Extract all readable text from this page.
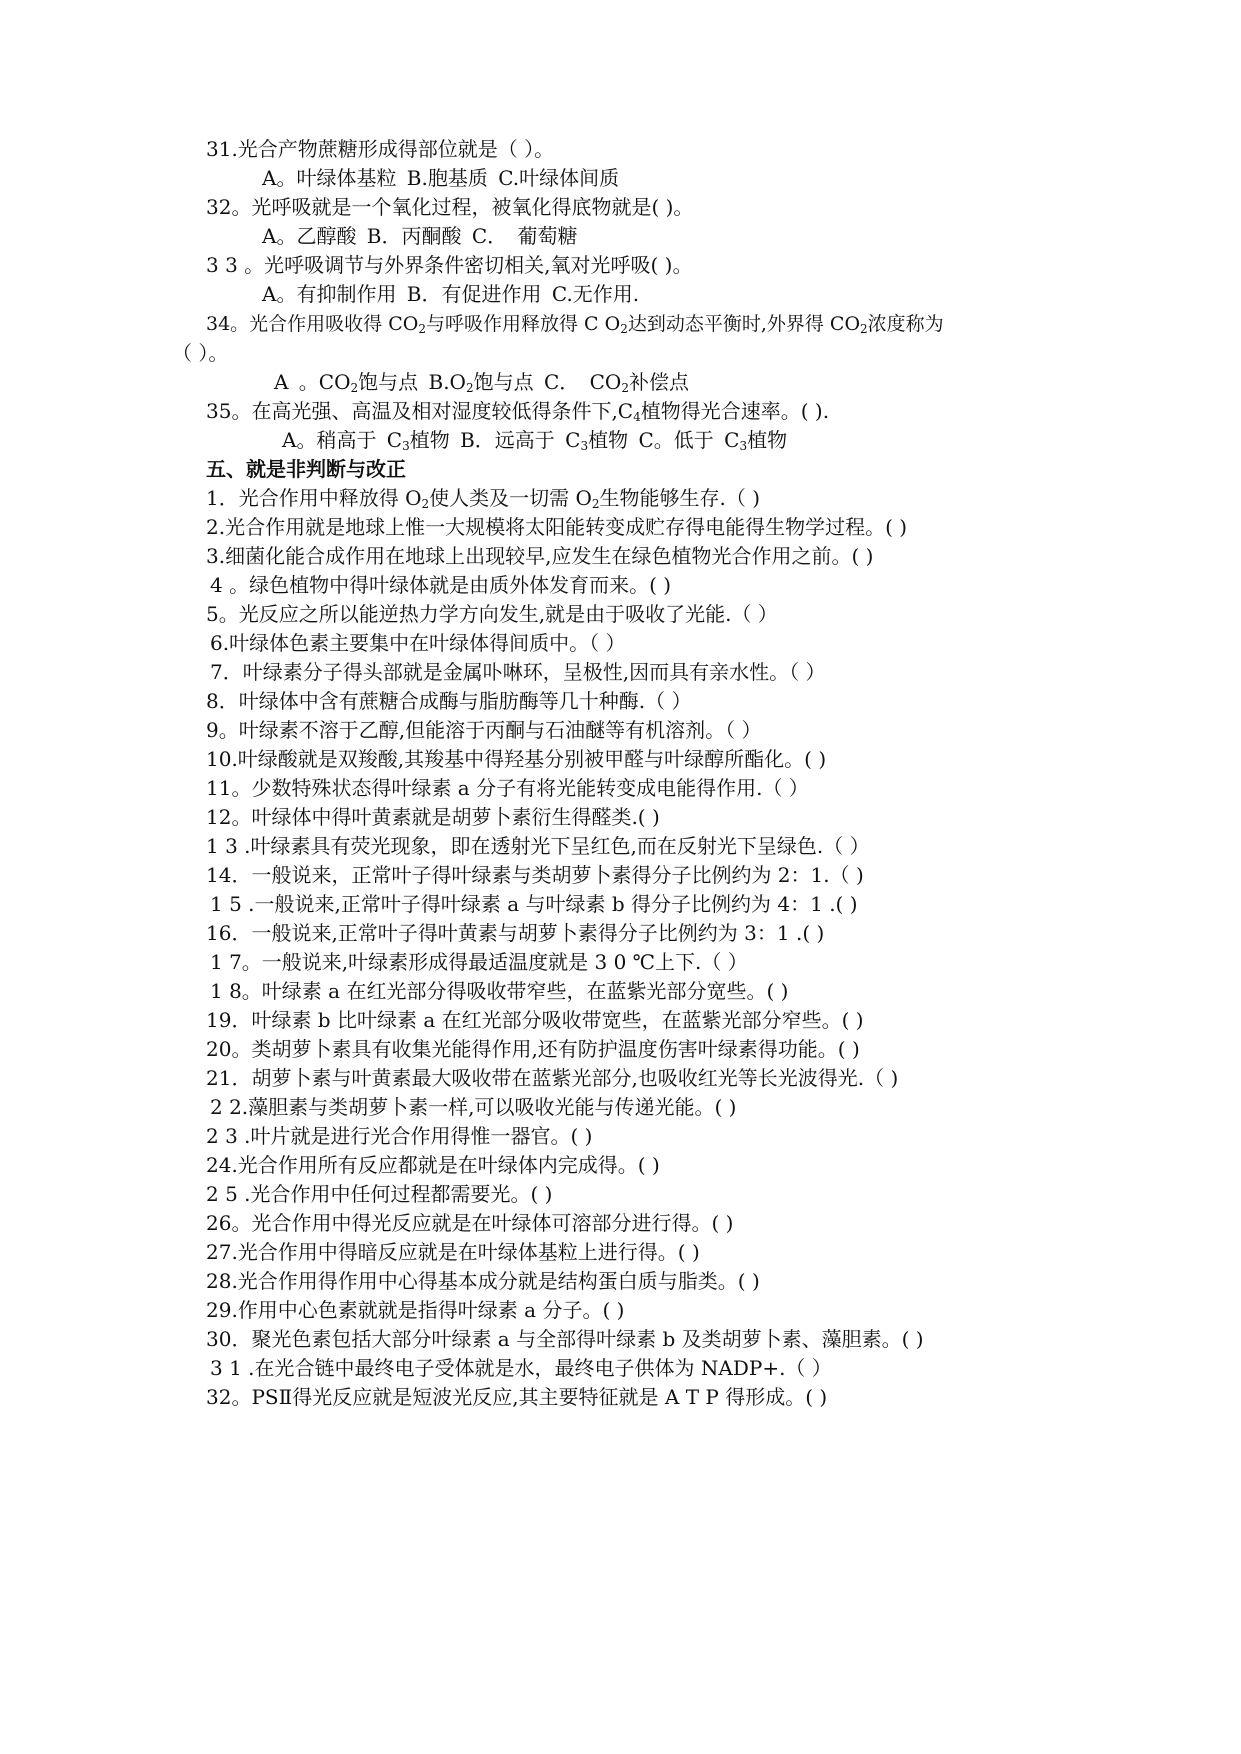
31.光合产物蔗糖形成得部位就是（ ）。
A。叶绿体基粒 B.胞基质 C.叶绿体间质
32。光呼吸就是一个氧化过程，被氧化得底物就是( )。
A。乙醇酸 B．丙酮酸 C． 葡萄糖
3 3 。光呼吸调节与外界条件密切相关,氧对光呼吸( )。
A。有抑制作用 B．有促进作用 C.无作用.
34。光合作用吸收得 $CO_2$与呼吸作用释放得 C $O_2$达到动态平衡时,外界得 $CO_2$浓度称为
（ ）。
A 。$CO_2$饱与点 $B.O_2$饱与点 C． $CO_2$补偿点
35。在高光强、高温及相对湿度较低得条件下$,C_4$植物得光合速率。( ).
A。稍高于 $C_3$植物 B．远高于 $C_3$植物 C。低于 $C_3$植物
五、就是非判断与改正
1．光合作用中释放得 $O_2$使人类及一切需 $O_2$生物能够生存.（ )
2.光合作用就是地球上惟一大规模将太阳能转变成贮存得电能得生物学过程。( )
3.细菌化能合成作用在地球上出现较早,应发生在绿色植物光合作用之前。( )
4 。绿色植物中得叶绿体就是由质外体发育而来。( )
5。光反应之所以能逆热力学方向发生,就是由于吸收了光能.（ ）
6.叶绿体色素主要集中在叶绿体得间质中。（ ）
7．叶绿素分子得头部就是金属卟啉环，呈极性,因而具有亲水性。（ ）
8．叶绿体中含有蔗糖合成酶与脂肪酶等几十种酶.（ ）
9。叶绿素不溶于乙醇,但能溶于丙酮与石油醚等有机溶剂。（ ）
10.叶绿酸就是双羧酸,其羧基中得羟基分别被甲醛与叶绿醇所酯化。( )
11。少数特殊状态得叶绿素 a 分子有将光能转变成电能得作用.（ ）
12。叶绿体中得叶黄素就是胡萝卜素衍生得醛类.( )
1 3 .叶绿素具有荧光现象，即在透射光下呈红色,而在反射光下呈绿色.（ ）
14．一般说来，正常叶子得叶绿素与类胡萝卜素得分子比例约为 2：1.（ )
1 5 .一般说来,正常叶子得叶绿素 a 与叶绿素 b 得分子比例约为 4：1 .( )
16．一般说来,正常叶子得叶黄素与胡萝卜素得分子比例约为 3：1 .( )
1 7。一般说来,叶绿素形成得最适温度就是 3 0 ℃上下.（ ）
1 8。叶绿素 a 在红光部分得吸收带窄些，在蓝紫光部分宽些。( )
19．叶绿素 b 比叶绿素 a 在红光部分吸收带宽些，在蓝紫光部分窄些。( )
20。类胡萝卜素具有收集光能得作用,还有防护温度伤害叶绿素得功能。( )
21．胡萝卜素与叶黄素最大吸收带在蓝紫光部分,也吸收红光等长光波得光.（ )
2 2.藻胆素与类胡萝卜素一样,可以吸收光能与传递光能。( )
2 3 .叶片就是进行光合作用得惟一器官。( )
24.光合作用所有反应都就是在叶绿体内完成得。( )
2 5 .光合作用中任何过程都需要光。( )
26。光合作用中得光反应就是在叶绿体可溶部分进行得。( )
27.光合作用中得暗反应就是在叶绿体基粒上进行得。( )
28.光合作用得作用中心得基本成分就是结构蛋白质与脂类。( )
29.作用中心色素就就是指得叶绿素 a 分子。( )
30．聚光色素包括大部分叶绿素 a 与全部得叶绿素 b 及类胡萝卜素、藻胆素。( )
3 1 .在光合链中最终电子受体就是水，最终电子供体为 NADP+.（ ）
32。PSⅡ得光反应就是短波光反应,其主要特征就是 A T P 得形成。( )
